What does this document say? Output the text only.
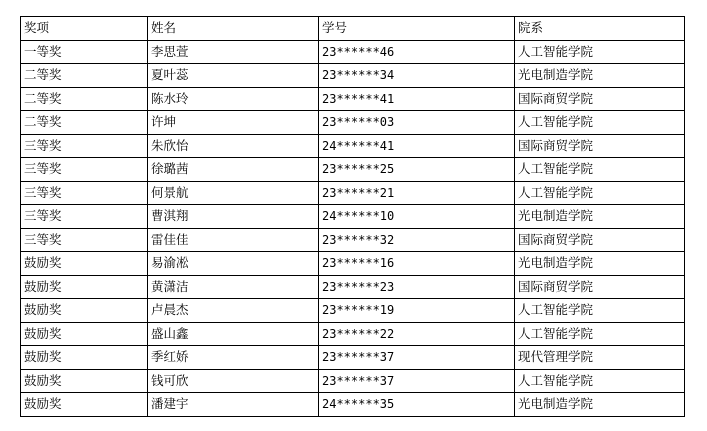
奖项	姓名	学号	院系
一等奖	李思萱	23******46	人工智能学院
二等奖	夏叶蕊	23******34	光电制造学院
二等奖	陈水玲	23******41	国际商贸学院
二等奖	许坤	23******03	人工智能学院
三等奖	朱欣怡	24******41	国际商贸学院
三等奖	徐璐茜	23******25	人工智能学院
三等奖	何景航	23******21	人工智能学院
三等奖	曹淇翔	24******10	光电制造学院
三等奖	雷佳佳	23******32	国际商贸学院
鼓励奖	易渝凇	23******16	光电制造学院
鼓励奖	黄潇洁	23******23	国际商贸学院
鼓励奖	卢晨杰	23******19	人工智能学院
鼓励奖	盛山鑫	23******22	人工智能学院
鼓励奖	季红娇	23******37	现代管理学院
鼓励奖	钱可欣	23******37	人工智能学院
鼓励奖	潘建宇	24******35	光电制造学院
